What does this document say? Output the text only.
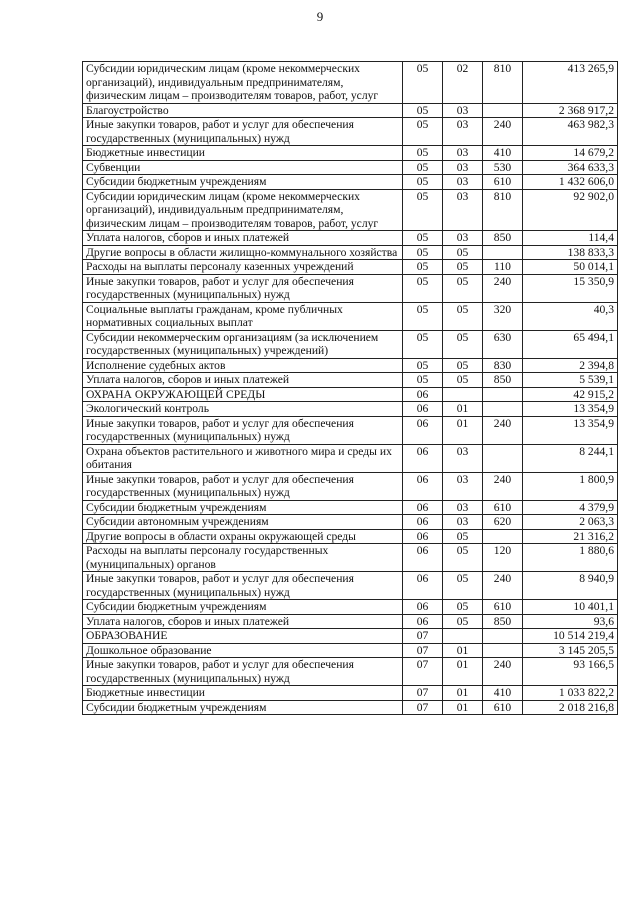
9
Субсидии юридическим лицам (кроме некоммерческих организаций), индивидуальным предпринимателям, физическим лицам – производителям товаров, работ, услуг	05	02	810	413 265,9
Благоустройство	05	03		2 368 917,2
Иные закупки товаров, работ и услуг для обеспечения государственных (муниципальных) нужд	05	03	240	463 982,3
Бюджетные инвестиции	05	03	410	14 679,2
Субвенции	05	03	530	364 633,3
Субсидии бюджетным учреждениям	05	03	610	1 432 606,0
Субсидии юридическим лицам (кроме некоммерческих организаций), индивидуальным предпринимателям, физическим лицам – производителям товаров, работ, услуг	05	03	810	92 902,0
Уплата налогов, сборов и иных платежей	05	03	850	114,4
Другие вопросы в области жилищно-коммунального хозяйства	05	05		138 833,3
Расходы на выплаты персоналу казенных учреждений	05	05	110	50 014,1
Иные закупки товаров, работ и услуг для обеспечения государственных (муниципальных) нужд	05	05	240	15 350,9
Социальные выплаты гражданам, кроме публичных нормативных социальных выплат	05	05	320	40,3
Субсидии некоммерческим организациям (за исключением государственных (муниципальных) учреждений)	05	05	630	65 494,1
Исполнение судебных актов	05	05	830	2 394,8
Уплата налогов, сборов и иных платежей	05	05	850	5 539,1
ОХРАНА ОКРУЖАЮЩЕЙ СРЕДЫ	06			42 915,2
Экологический контроль	06	01		13 354,9
Иные закупки товаров, работ и услуг для обеспечения государственных (муниципальных) нужд	06	01	240	13 354,9
Охрана объектов растительного и животного мира и среды их обитания	06	03		8 244,1
Иные закупки товаров, работ и услуг для обеспечения государственных (муниципальных) нужд	06	03	240	1 800,9
Субсидии бюджетным учреждениям	06	03	610	4 379,9
Субсидии автономным учреждениям	06	03	620	2 063,3
Другие вопросы в области охраны окружающей среды	06	05		21 316,2
Расходы на выплаты персоналу государственных (муниципальных) органов	06	05	120	1 880,6
Иные закупки товаров, работ и услуг для обеспечения государственных (муниципальных) нужд	06	05	240	8 940,9
Субсидии бюджетным учреждениям	06	05	610	10 401,1
Уплата налогов, сборов и иных платежей	06	05	850	93,6
ОБРАЗОВАНИЕ	07			10 514 219,4
Дошкольное образование	07	01		3 145 205,5
Иные закупки товаров, работ и услуг для обеспечения государственных (муниципальных) нужд	07	01	240	93 166,5
Бюджетные инвестиции	07	01	410	1 033 822,2
Субсидии бюджетным учреждениям	07	01	610	2 018 216,8
